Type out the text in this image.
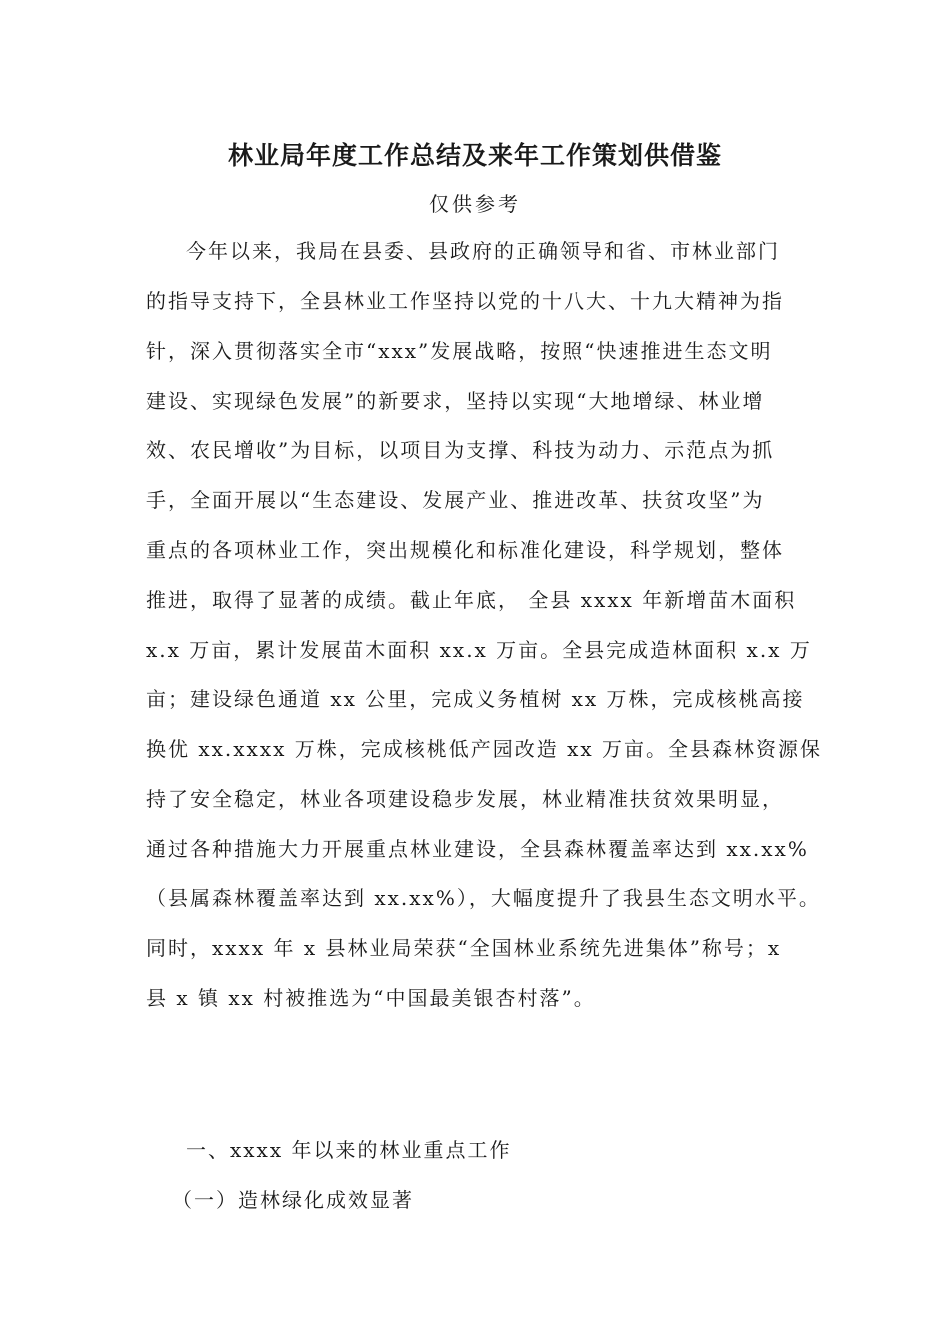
林业局年度工作总结及来年工作策划供借鉴
仅供参考

今年以来，我局在县委、县政府的正确领导和省、市林业部门

的指导支持下，全县林业工作坚持以党的十八大、十九大精神为指

针，深入贯彻落实全市“xxx”发展战略，按照“快速推进生态文明

建设、实现绿色发展”的新要求，坚持以实现“大地增绿、林业增

效、农民增收”为目标，以项目为支撑、科技为动力、示范点为抓

手，全面开展以“生态建设、发展产业、推进改革、扶贫攻坚”为

重点的各项林业工作，突出规模化和标准化建设，科学规划，整体

推进，取得了显著的成绩。截止年底， 全县 xxxx 年新增苗木面积

x.x 万亩，累计发展苗木面积 xx.x 万亩。全县完成造林面积 x.x 万

亩；建设绿色通道 xx 公里，完成义务植树 xx 万株，完成核桃高接

换优 xx.xxxx 万株，完成核桃低产园改造 xx 万亩。全县森林资源保

持了安全稳定，林业各项建设稳步发展，林业精准扶贫效果明显，

通过各种措施大力开展重点林业建设，全县森林覆盖率达到 xx.xx%

（县属森林覆盖率达到 xx.xx%），大幅度提升了我县生态文明水平。

同时，xxxx 年 x 县林业局荣获“全国林业系统先进集体”称号；x

县 x 镇 xx 村被推选为“中国最美银杏村落”。

一、xxxx 年以来的林业重点工作
（一）造林绿化成效显著
